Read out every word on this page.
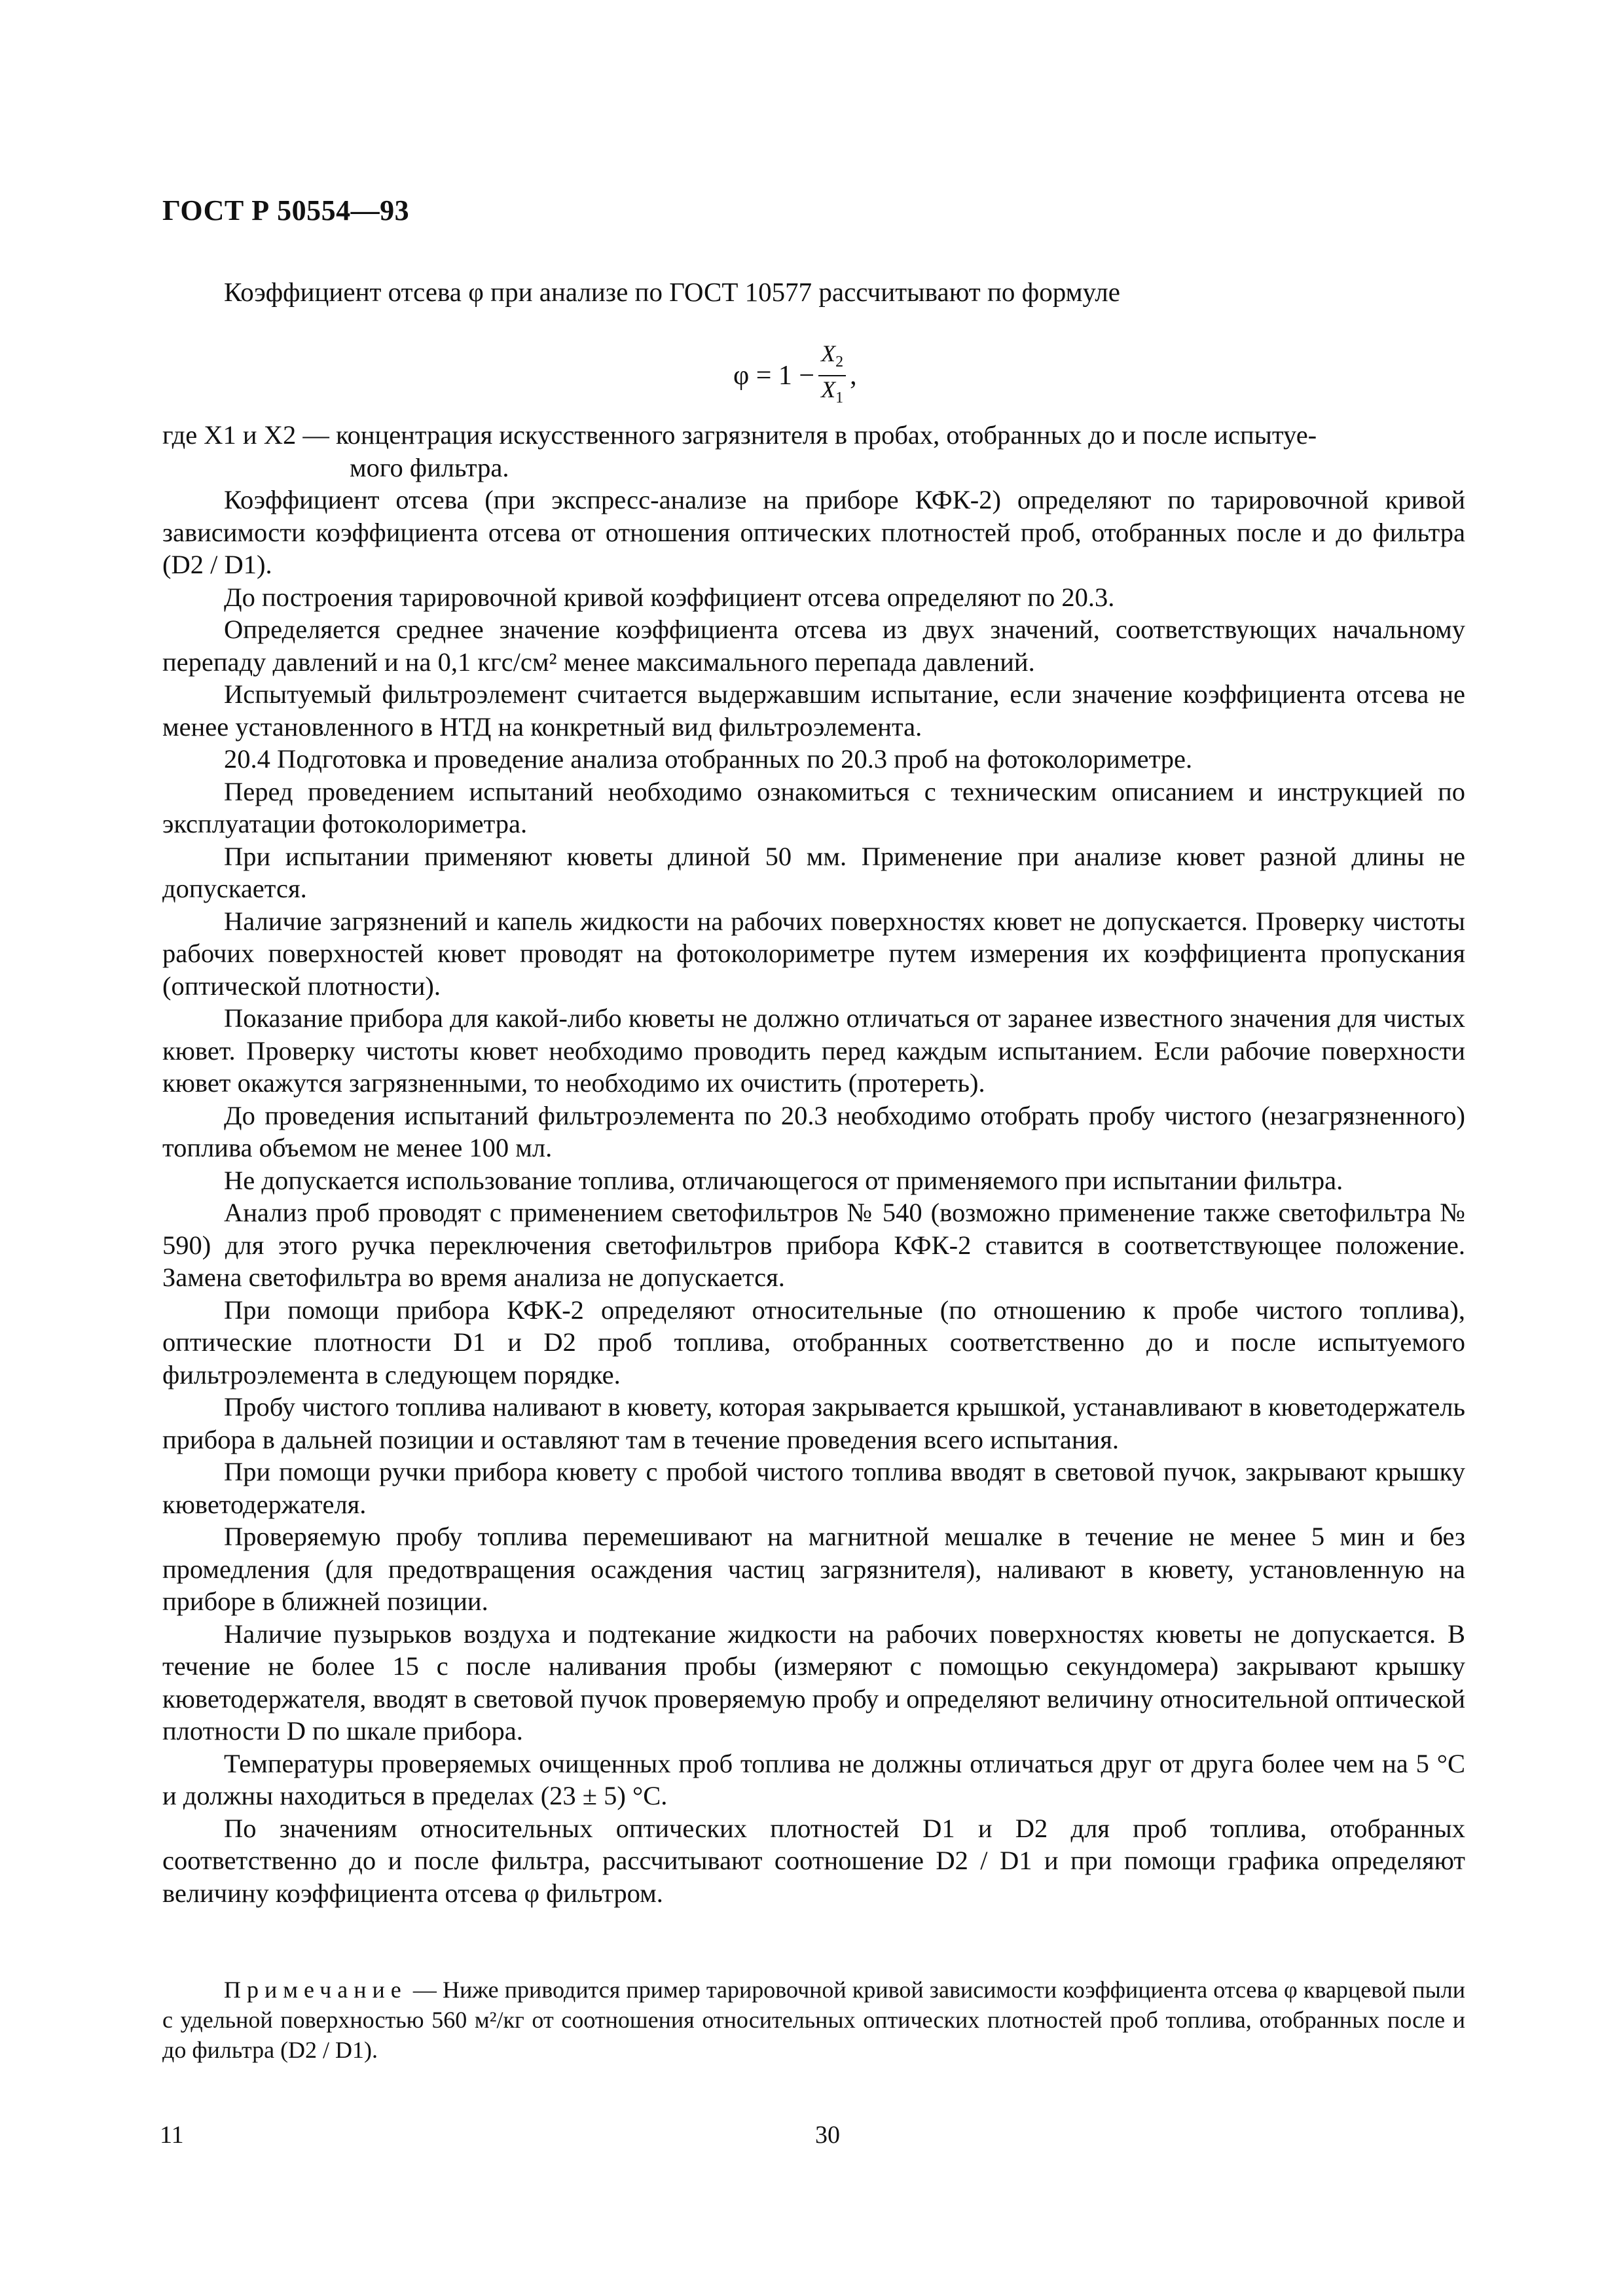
ГОСТ Р 50554—93
Коэффициент отсева φ при анализе по ГОСТ 10577 рассчитывают по формуле
$\varphi = 1 - \frac{X_2}{X_1}$ ,

где X1 и X2 — концентрация искусственного загрязнителя в пробах, отобранных до и после испытуе-

мого фильтра.

Коэффициент отсева (при экспресс-анализе на приборе КФК-2) определяют по тарировочной кривой зависимости коэффициента отсева от отношения оптических плотностей проб, отобранных после и до фильтра (D2 / D1).

До построения тарировочной кривой коэффициент отсева определяют по 20.3.

Определяется среднее значение коэффициента отсева из двух значений, соответствующих начальному перепаду давлений и на 0,1 кгс/см² менее максимального перепада давлений.

Испытуемый фильтроэлемент считается выдержавшим испытание, если значение коэффициента отсева не менее установленного в НТД на конкретный вид фильтроэлемента.

20.4 Подготовка и проведение анализа отобранных по 20.3 проб на фотоколориметре.

Перед проведением испытаний необходимо ознакомиться с техническим описанием и инструкцией по эксплуатации фотоколориметра.

При испытании применяют кюветы длиной 50 мм. Применение при анализе кювет разной длины не допускается.

Наличие загрязнений и капель жидкости на рабочих поверхностях кювет не допускается. Проверку чистоты рабочих поверхностей кювет проводят на фотоколориметре путем измерения их коэффициента пропускания (оптической плотности).

Показание прибора для какой-либо кюветы не должно отличаться от заранее известного значения для чистых кювет. Проверку чистоты кювет необходимо проводить перед каждым испытанием. Если рабочие поверхности кювет окажутся загрязненными, то необходимо их очистить (протереть).

До проведения испытаний фильтроэлемента по 20.3 необходимо отобрать пробу чистого (незагрязненного) топлива объемом не менее 100 мл.

Не допускается использование топлива, отличающегося от применяемого при испытании фильтра.

Анализ проб проводят с применением светофильтров № 540 (возможно применение также светофильтра № 590) для этого ручка переключения светофильтров прибора КФК-2 ставится в соответствующее положение. Замена светофильтра во время анализа не допускается.

При помощи прибора КФК-2 определяют относительные (по отношению к пробе чистого топлива), оптические плотности D1 и D2 проб топлива, отобранных соответственно до и после испытуемого фильтроэлемента в следующем порядке.

Пробу чистого топлива наливают в кювету, которая закрывается крышкой, устанавливают в кюветодержатель прибора в дальней позиции и оставляют там в течение проведения всего испытания.

При помощи ручки прибора кювету с пробой чистого топлива вводят в световой пучок, закрывают крышку кюветодержателя.

Проверяемую пробу топлива перемешивают на магнитной мешалке в течение не менее 5 мин и без промедления (для предотвращения осаждения частиц загрязнителя), наливают в кювету, установленную на приборе в ближней позиции.

Наличие пузырьков воздуха и подтекание жидкости на рабочих поверхностях кюветы не допускается. В течение не более 15 с после наливания пробы (измеряют с помощью секундомера) закрывают крышку кюветодержателя, вводят в световой пучок проверяемую пробу и определяют величину относительной оптической плотности D по шкале прибора.

Температуры проверяемых очищенных проб топлива не должны отличаться друг от друга более чем на 5 °С и должны находиться в пределах (23 ± 5) °С.

По значениям относительных оптических плотностей D1 и D2 для проб топлива, отобранных соответственно до и после фильтра, рассчитывают соотношение D2 / D1 и при помощи графика определяют величину коэффициента отсева φ фильтром.

Примечание — Ниже приводится пример тарировочной кривой зависимости коэффициента отсева φ кварцевой пыли с удельной поверхностью 560 м²/кг от соотношения относительных оптических плотностей проб топлива, отобранных после и до фильтра (D2 / D1).
11	30
